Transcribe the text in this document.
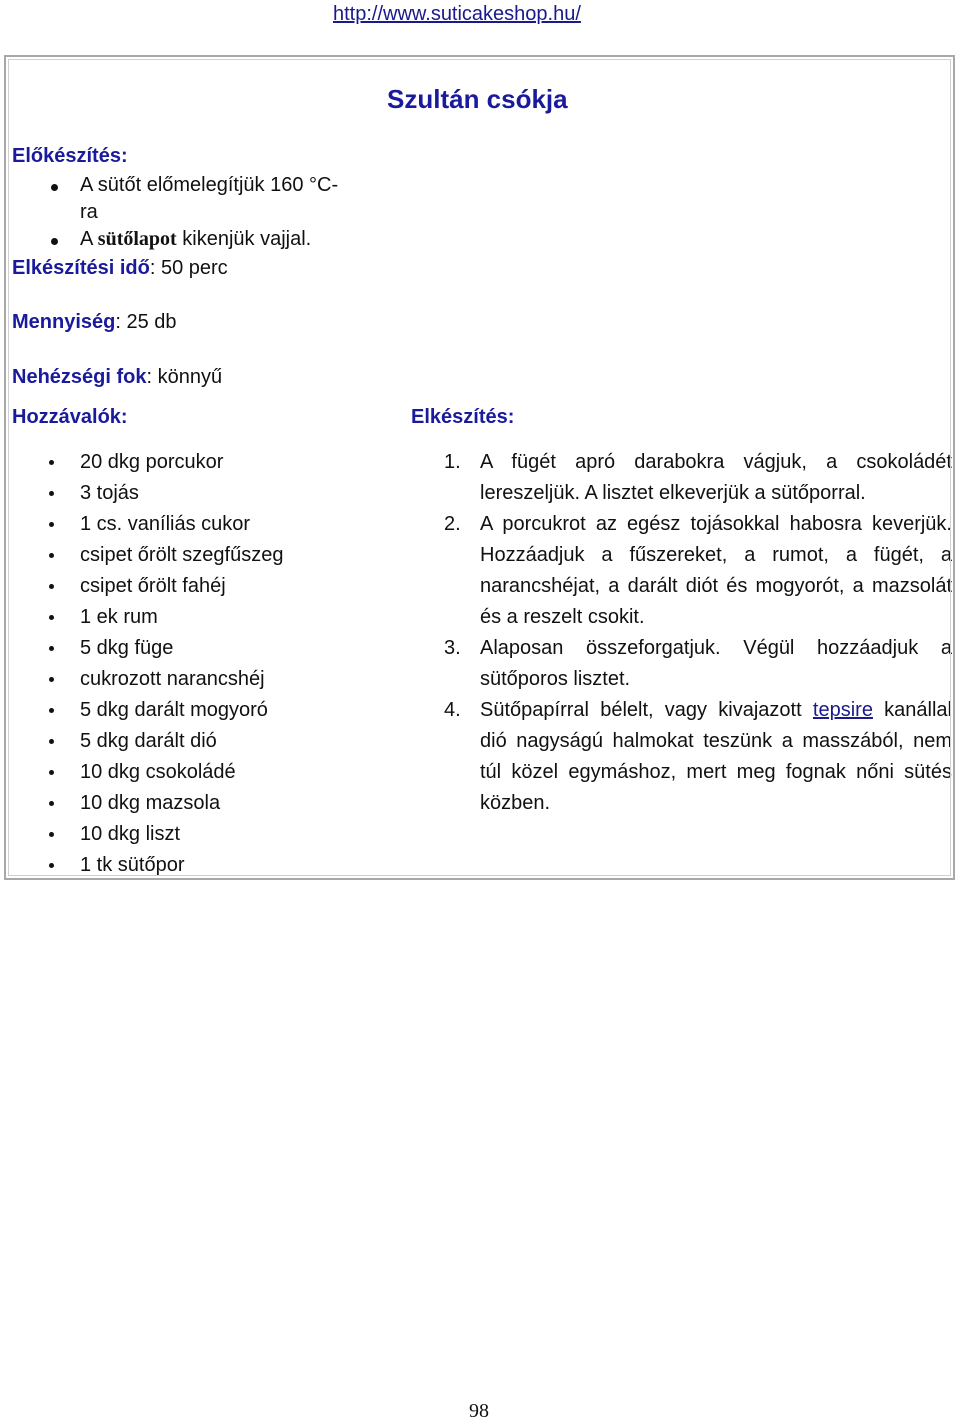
http://www.suticakeshop.hu/
Szultán csókja
Előkészítés:
A sütőt előmelegítjük 160 °C-
ra
A sütőlapot kikenjük vajjal.
Elkészítési idő: 50 perc
Mennyiség: 25 db
Nehézségi fok: könnyű
Hozzávalók:
20 dkg porcukor
3 tojás
1 cs. vaníliás cukor
csipet őrölt szegfűszeg
csipet őrölt fahéj
1 ek rum
5 dkg füge
cukrozott narancshéj
5 dkg darált mogyoró
5 dkg darált dió
10 dkg csokoládé
10 dkg mazsola
10 dkg liszt
1 tk sütőpor
Elkészítés:
1. A fügét apró darabokra vágjuk, a csokoládét lereszeljük. A lisztet elkeverjük a sütőporral.
2. A porcukrot az egész tojásokkal habosra keverjük. Hozzáadjuk a fűszereket, a rumot, a fügét, a narancshéjat, a darált diót és mogyorót, a mazsolát és a reszelt csokit.
3. Alaposan összeforgatjuk. Végül hozzáadjuk a sütőporos lisztet.
4. Sütőpapírral bélelt, vagy kivajazott tepsire kanállal dió nagyságú halmokat teszünk a masszából, nem túl közel egymáshoz, mert meg fognak nőni sütés közben.
98
